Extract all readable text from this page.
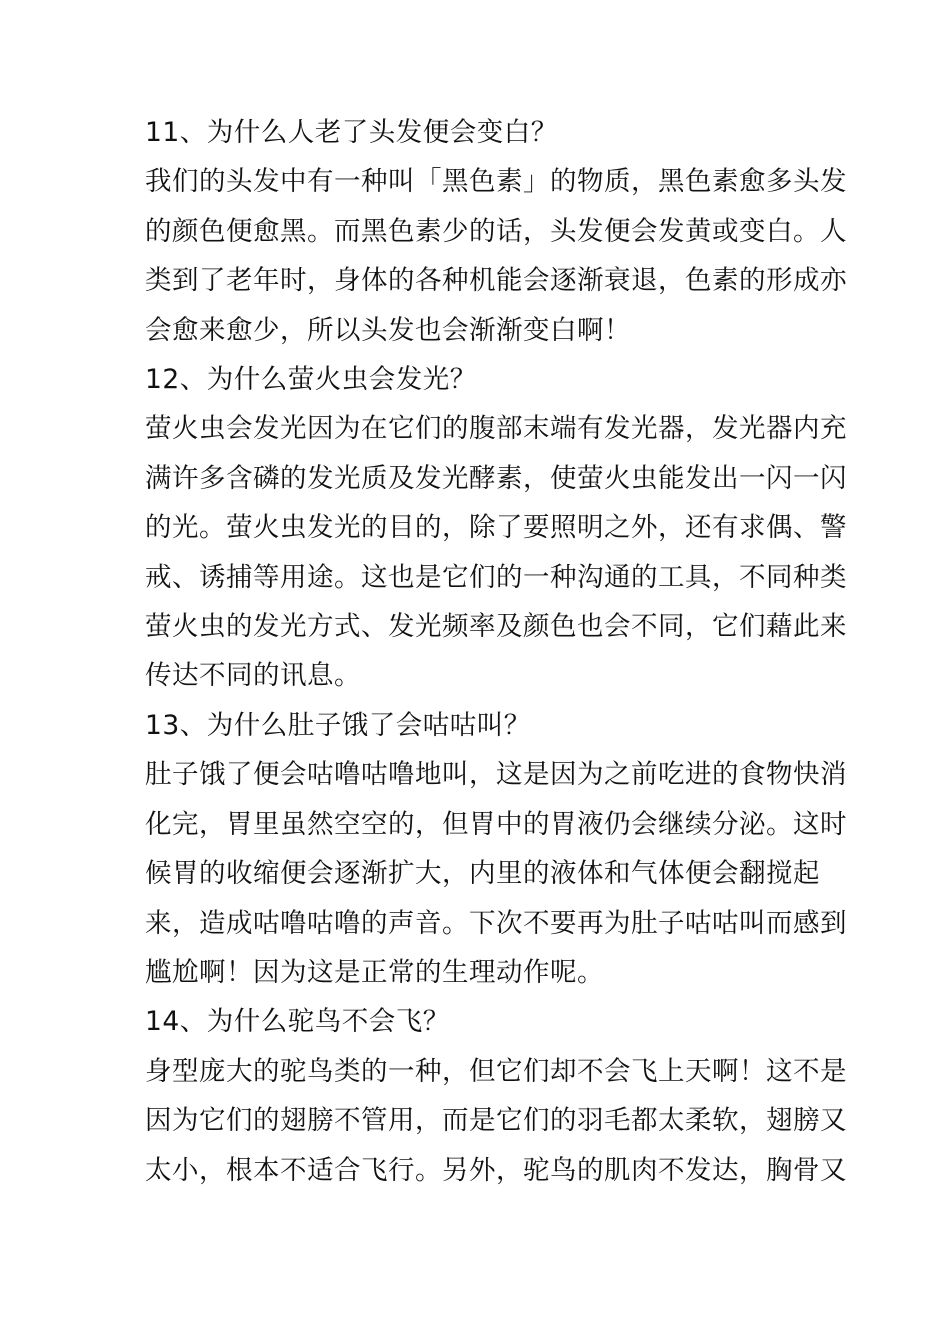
11、为什么人老了头发便会变白？
我们的头发中有一种叫「黑色素」的物质，黑色素愈多头发
的颜色便愈黑。而黑色素少的话，头发便会发黄或变白。人
类到了老年时，身体的各种机能会逐渐衰退，色素的形成亦
会愈来愈少，所以头发也会渐渐变白啊！
12、为什么萤火虫会发光？
萤火虫会发光因为在它们的腹部末端有发光器，发光器内充
满许多含磷的发光质及发光酵素，使萤火虫能发出一闪一闪
的光。萤火虫发光的目的，除了要照明之外，还有求偶、警
戒、诱捕等用途。这也是它们的一种沟通的工具，不同种类
萤火虫的发光方式、发光频率及颜色也会不同，它们藉此来
传达不同的讯息。
13、为什么肚子饿了会咕咕叫？
肚子饿了便会咕噜咕噜地叫，这是因为之前吃进的食物快消
化完，胃里虽然空空的，但胃中的胃液仍会继续分泌。这时
候胃的收缩便会逐渐扩大，内里的液体和气体便会翻搅起
来，造成咕噜咕噜的声音。下次不要再为肚子咕咕叫而感到
尴尬啊！因为这是正常的生理动作呢。
14、为什么驼鸟不会飞？
身型庞大的驼鸟类的一种，但它们却不会飞上天啊！这不是
因为它们的翅膀不管用，而是它们的羽毛都太柔软，翅膀又
太小，根本不适合飞行。另外，驼鸟的肌肉不发达，胸骨又
